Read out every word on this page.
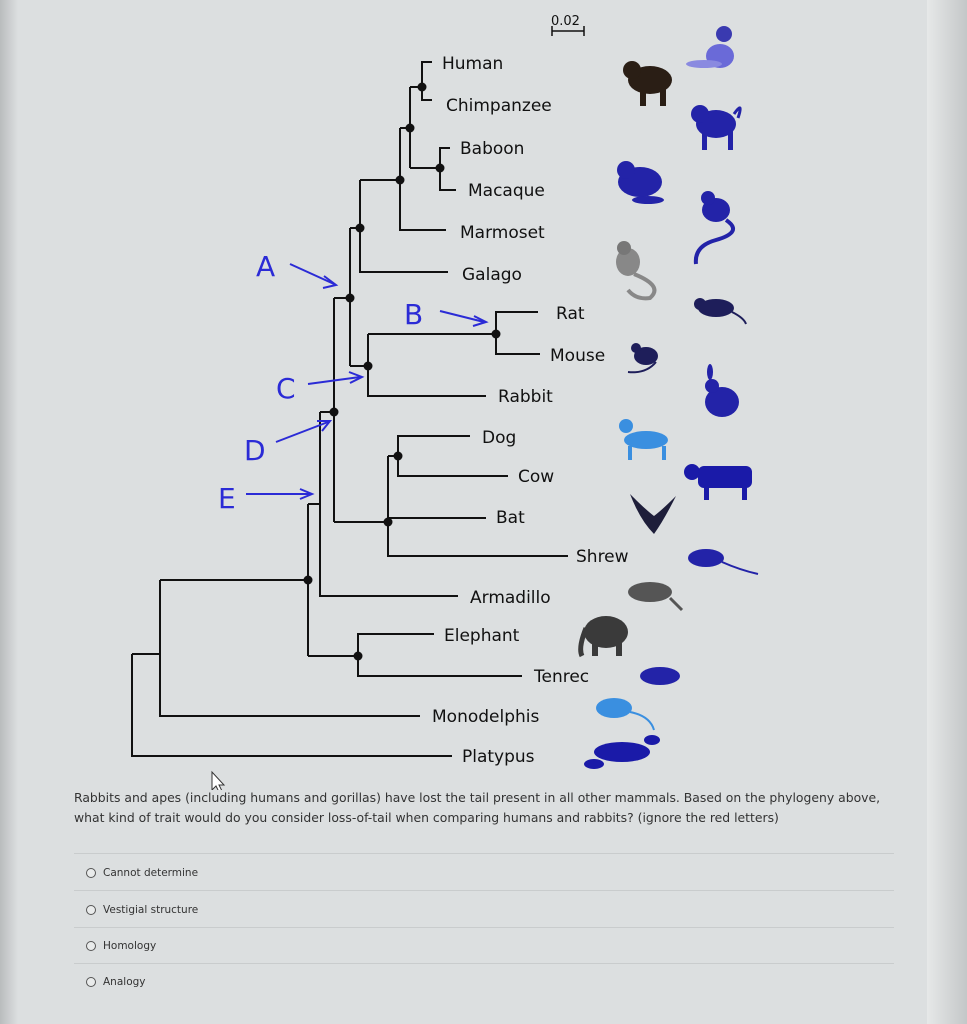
0.02
Human
Chimpanzee
Baboon
Macaque
Marmoset
Galago
Rat
Mouse
Rabbit
Dog
Cow
Bat
Shrew
Armadillo
Elephant
Tenrec
Monodelphis
Platypus
A
B
C
D
E
Rabbits and apes (including humans and gorillas) have lost the tail present in all other mammals. Based on the phylogeny above, what kind of trait would do you consider loss-of-tail when comparing humans and rabbits? (ignore the red letters)
Cannot determine
Vestigial structure
Homology
Analogy
